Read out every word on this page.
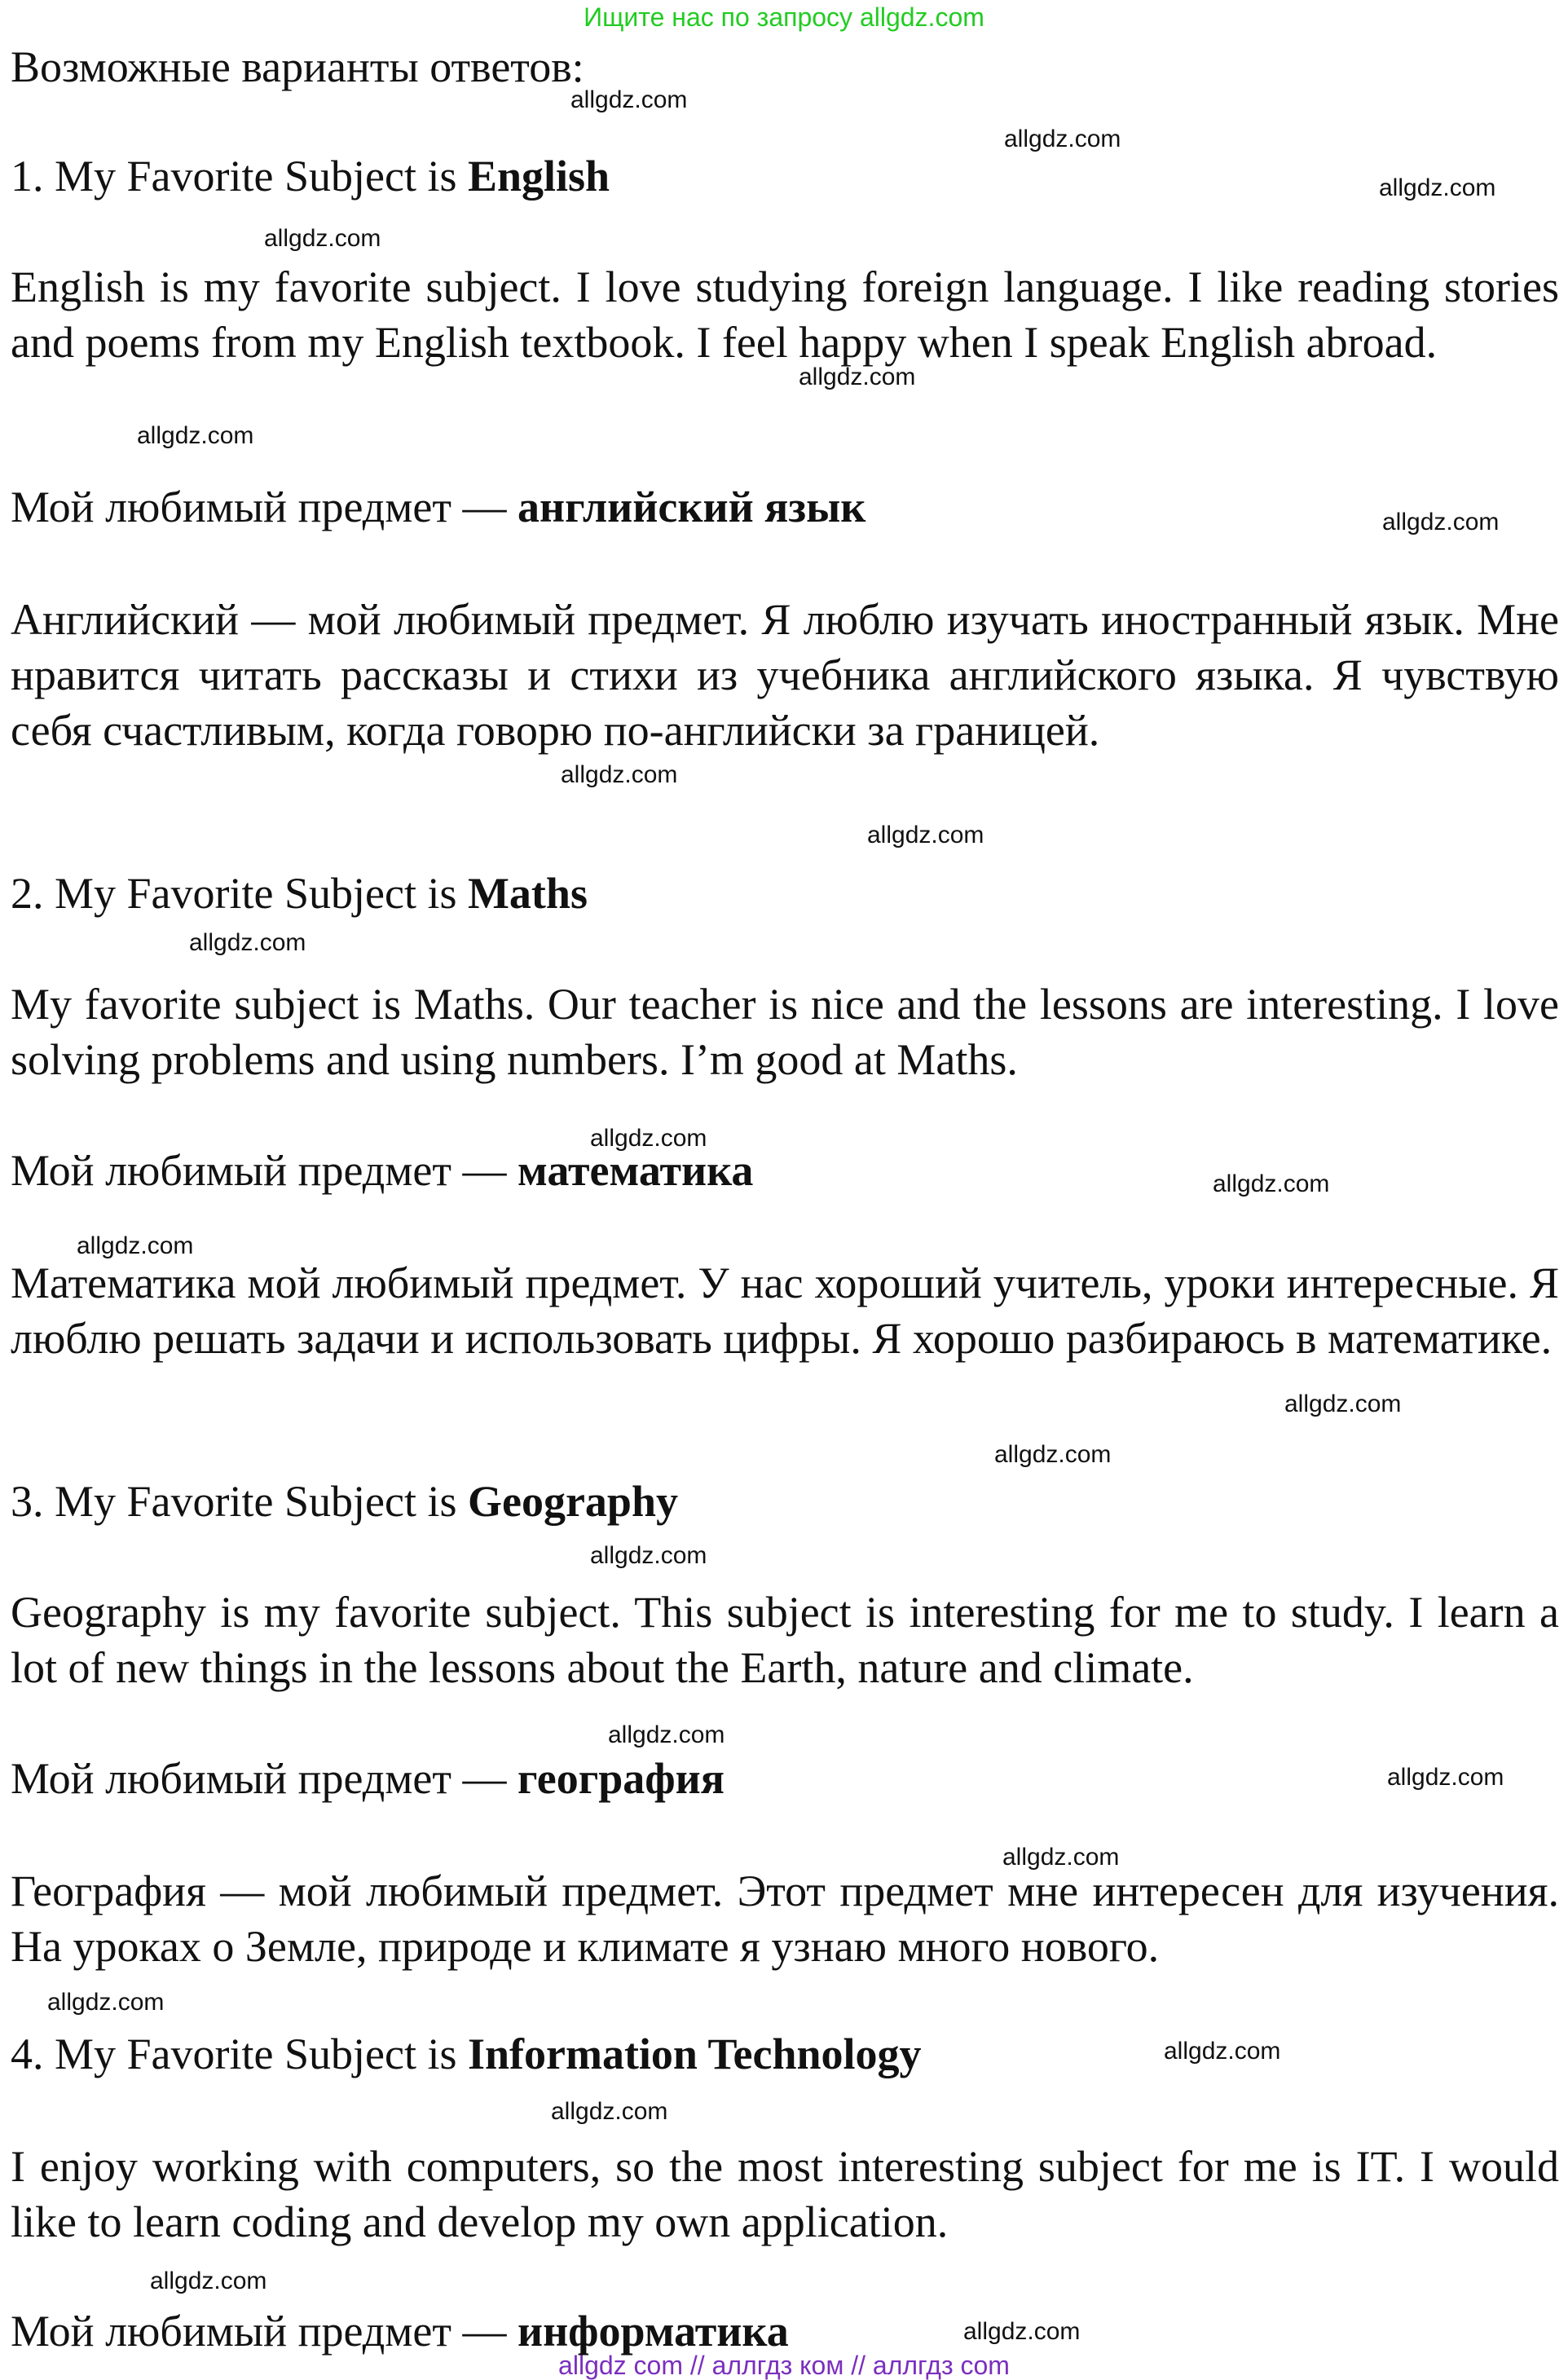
Ищите нас по запросу allgdz.com
Возможные варианты ответов:
1. My Favorite Subject is English
English is my favorite subject. I love studying foreign language. I like reading stories and poems from my English textbook. I feel happy when I speak English abroad.
Мой любимый предмет — английский язык
Английский — мой любимый предмет. Я люблю изучать иностранный язык. Мне нравится читать рассказы и стихи из учебника английского языка. Я чувствую себя счастливым, когда говорю по-английски за границей.
2. My Favorite Subject is Maths
My favorite subject is Maths. Our teacher is nice and the lessons are interesting. I love solving problems and using numbers. I’m good at Maths.
Мой любимый предмет — математика
Математика мой любимый предмет. У нас хороший учитель, уроки интересные. Я люблю решать задачи и использовать цифры. Я хорошо разбираюсь в математике.
3. My Favorite Subject is Geography
Geography is my favorite subject. This subject is interesting for me to study. I learn a lot of new things in the lessons about the Earth, nature and climate.
Мой любимый предмет — география
География — мой любимый предмет. Этот предмет мне интересен для изучения. На уроках о Земле, природе и климате я узнаю много нового.
4. My Favorite Subject is Information Technology
I enjoy working with computers, so the most interesting subject for me is IT. I would like to learn coding and develop my own application.
Мой любимый предмет — информатика
allgdz.com
allgdz.com
allgdz.com
allgdz.com
allgdz.com
allgdz.com
allgdz.com
allgdz.com
allgdz.com
allgdz.com
allgdz.com
allgdz.com
allgdz.com
allgdz.com
allgdz.com
allgdz.com
allgdz.com
allgdz.com
allgdz.com
allgdz.com
allgdz.com
allgdz.com
allgdz.com
allgdz.com
allgdz com // аллгдз ком // аллгдз com
